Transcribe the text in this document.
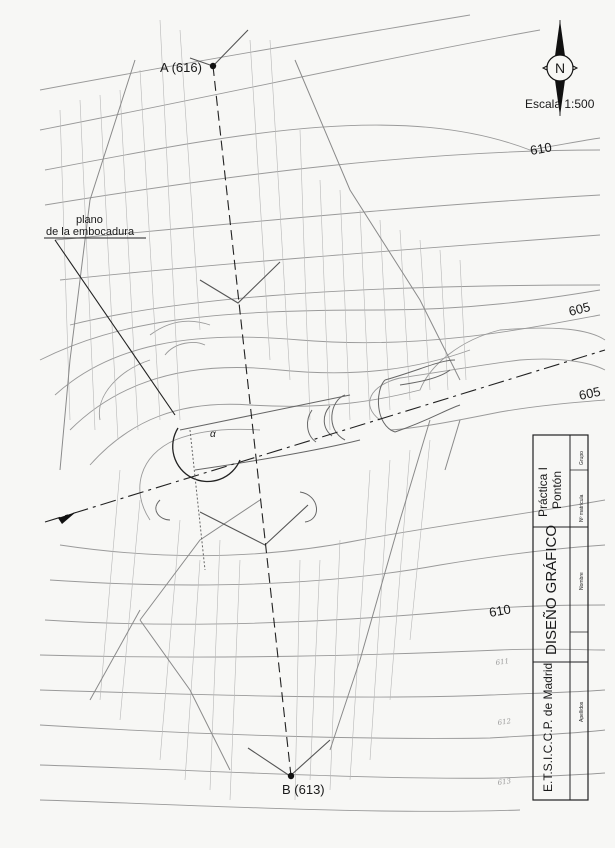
A (616)
B (613)
plano
de la embocadura
610
605
605
610
611
612
613
α
N
Escala 1:500
E.T.S.I.C.C.P. de Madrid
DISEÑO GRÁFICO
Práctica I Pontón
Grupo
Nº matrícula
Nombre
Apellidos
